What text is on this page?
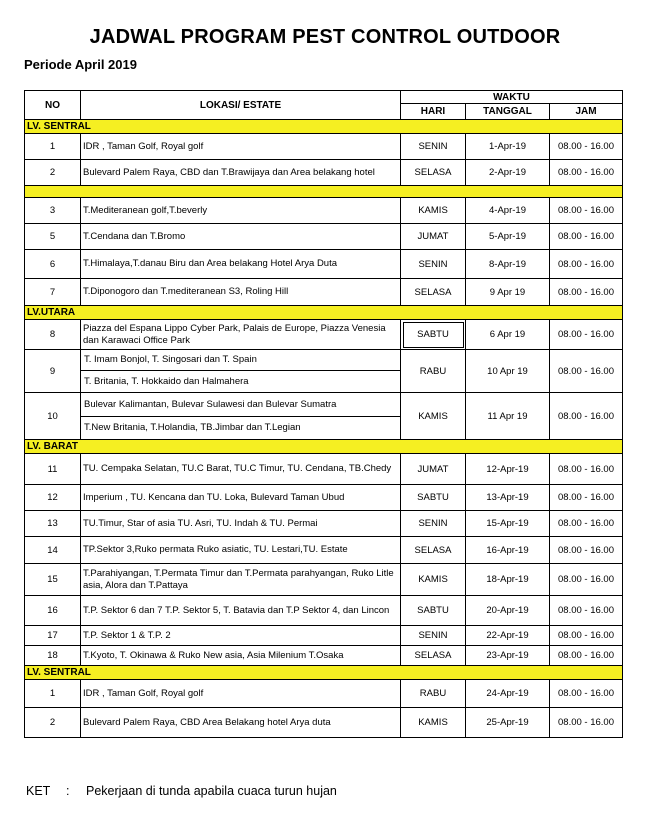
JADWAL PROGRAM PEST CONTROL OUTDOOR
Periode April 2019
NO	LOKASI/ ESTATE	WAKTU		
		HARI	TANGGAL	JAM
LV. SENTRAL				
1	IDR , Taman Golf, Royal golf	SENIN	1-Apr-19	08.00 - 16.00
2	Bulevard Palem Raya, CBD dan T.Brawijaya dan Area belakang hotel	SELASA	2-Apr-19	08.00 - 16.00

3	T.Mediteranean golf,T.beverly	KAMIS	4-Apr-19	08.00 - 16.00
5	T.Cendana dan T.Bromo	JUMAT	5-Apr-19	08.00 - 16.00
6	T.Himalaya,T.danau Biru dan Area belakang Hotel Arya Duta	SENIN	8-Apr-19	08.00 - 16.00
7	T.Diponogoro dan T.mediteranean S3, Roling Hill	SELASA	9 Apr 19	08.00 - 16.00
LV.UTARA				
8	Piazza del Espana Lippo Cyber Park, Palais de Europe, Piazza Venesia dan Karawaci Office Park	SABTU	6 Apr 19	08.00 - 16.00
9	T. Imam Bonjol, T. Singosari dan T. Spain
T. Britania, T. Hokkaido dan Halmahera	RABU	10 Apr 19	08.00 - 16.00
10	Bulevar Kalimantan, Bulevar Sulawesi dan Bulevar Sumatra
T.New Britania, T.Holandia, TB.Jimbar dan T.Legian	KAMIS	11 Apr 19	08.00 - 16.00
LV. BARAT				
11	TU. Cempaka Selatan, TU.C Barat, TU.C Timur, TU. Cendana, TB.Chedy	JUMAT	12-Apr-19	08.00 - 16.00
12	Imperium , TU. Kencana dan TU. Loka, Bulevard Taman Ubud	SABTU	13-Apr-19	08.00 - 16.00
13	TU.Timur, Star of asia TU. Asri, TU. Indah & TU. Permai	SENIN	15-Apr-19	08.00 - 16.00
14	TP.Sektor 3,Ruko permata Ruko asiatic, TU. Lestari,TU. Estate	SELASA	16-Apr-19	08.00 - 16.00
15	T.Parahiyangan, T.Permata Timur dan T.Permata parahyangan, Ruko Litle asia, Alora dan T.Pattaya	KAMIS	18-Apr-19	08.00 - 16.00
16	T.P. Sektor 6 dan 7 T.P. Sektor 5, T. Batavia dan T.P Sektor 4, dan Lincon	SABTU	20-Apr-19	08.00 - 16.00
17	T.P. Sektor 1 & T.P. 2	SENIN	22-Apr-19	08.00 - 16.00
18	T.Kyoto, T. Okinawa & Ruko New asia, Asia Milenium T.Osaka	SELASA	23-Apr-19	08.00 - 16.00
LV. SENTRAL				
1	IDR , Taman Golf, Royal golf	RABU	24-Apr-19	08.00 - 16.00
2	Bulevard Palem Raya, CBD Area Belakang hotel Arya duta	KAMIS	25-Apr-19	08.00 - 16.00
KET : Pekerjaan di tunda apabila cuaca turun hujan
